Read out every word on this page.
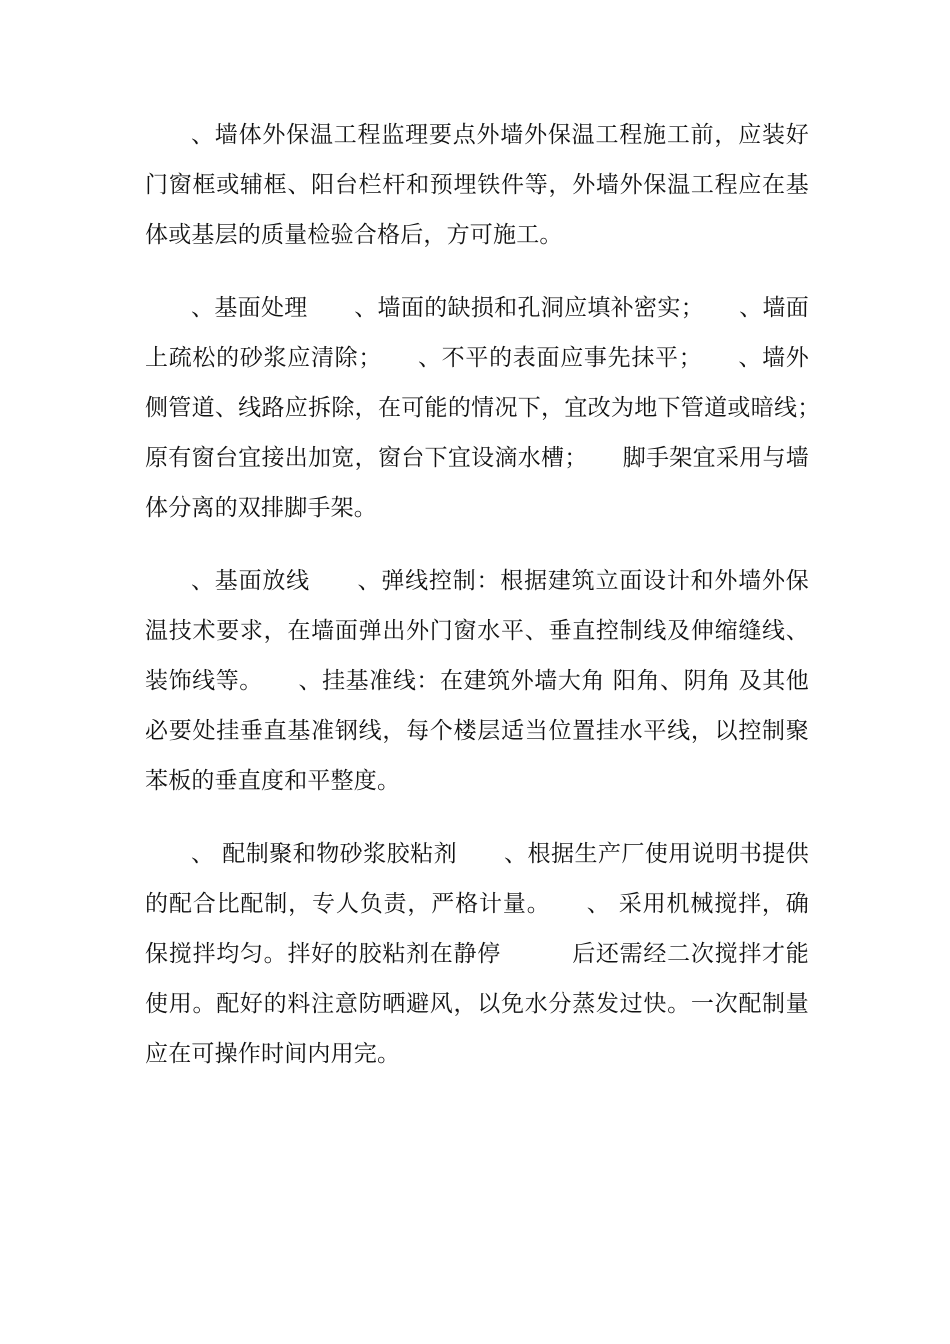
、墙体外保温工程监理要点外墙外保温工程施工前，应装好门窗框或辅框、阳台栏杆和预埋铁件等，外墙外保温工程应在基体或基层的质量检验合格后，方可施工。

、基面处理　　、墙面的缺损和孔洞应填补密实；　　、墙面上疏松的砂浆应清除；　　、不平的表面应事先抹平；　　、墙外侧管道、线路应拆除，在可能的情况下，宜改为地下管道或暗线；　　原有窗台宜接出加宽，窗台下宜设滴水槽；　　脚手架宜采用与墙体分离的双排脚手架。

、基面放线　　、弹线控制：根据建筑立面设计和外墙外保温技术要求，在墙面弹出外门窗水平、垂直控制线及伸缩缝线、装饰线等。　　、挂基准线：在建筑外墙大角 阳角、阴角 及其他必要处挂垂直基准钢线，每个楼层适当位置挂水平线，以控制聚苯板的垂直度和平整度。

、 配制聚和物砂浆胶粘剂　　、根据生产厂使用说明书提供的配合比配制，专人负责，严格计量。　　、 采用机械搅拌，确保搅拌均匀。拌好的胶粘剂在静停　　　后还需经二次搅拌才能使用。配好的料注意防晒避风，以免水分蒸发过快。一次配制量应在可操作时间内用完。
